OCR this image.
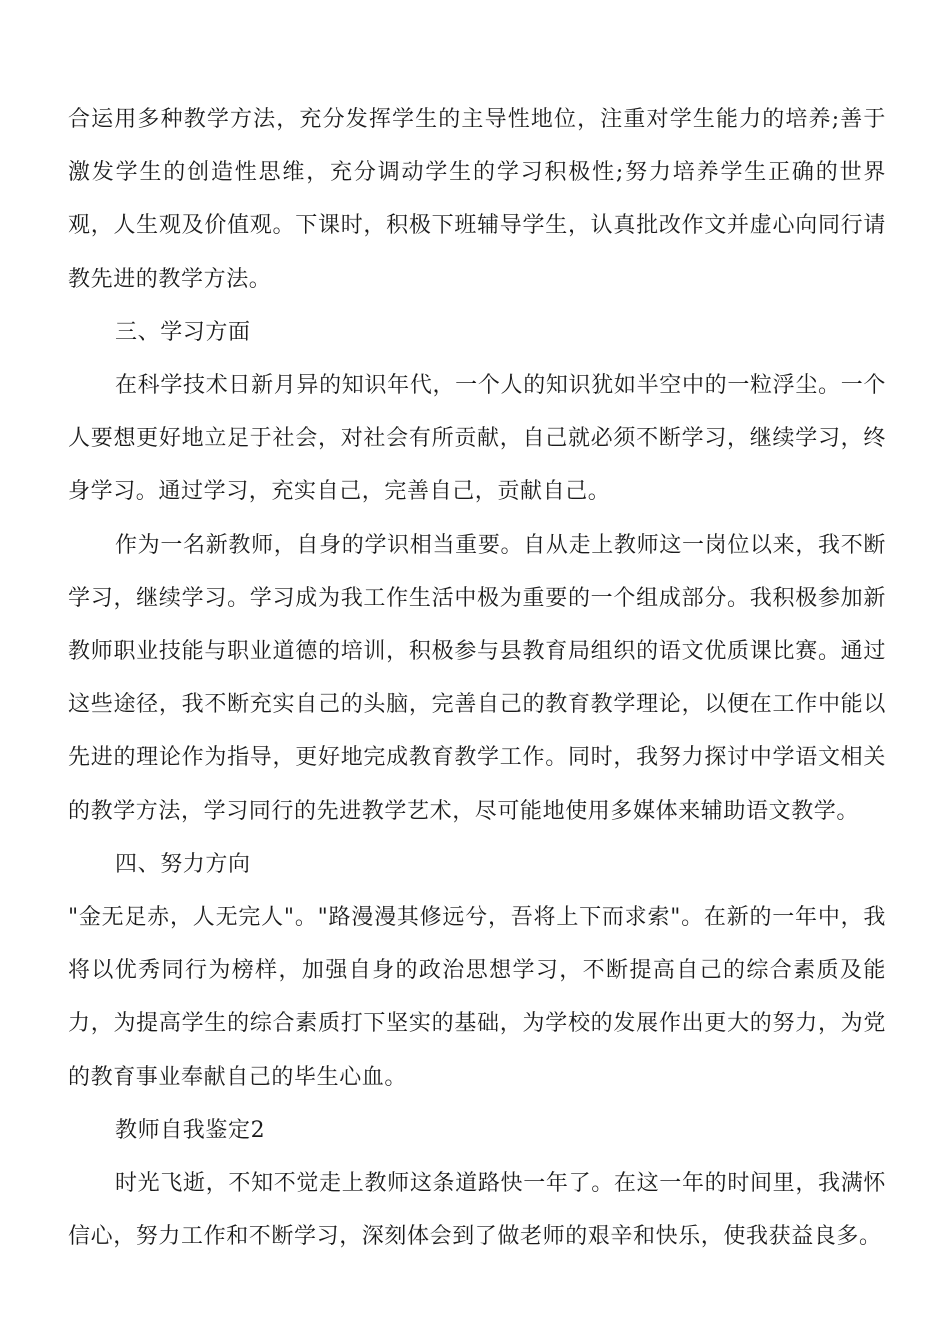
合运用多种教学方法，充分发挥学生的主导性地位，注重对学生能力的培养;善于激发学生的创造性思维，充分调动学生的学习积极性;努力培养学生正确的世界观，人生观及价值观。下课时，积极下班辅导学生，认真批改作文并虚心向同行请教先进的教学方法。

三、学习方面

在科学技术日新月异的知识年代，一个人的知识犹如半空中的一粒浮尘。一个人要想更好地立足于社会，对社会有所贡献，自己就必须不断学习，继续学习，终身学习。通过学习，充实自己，完善自己，贡献自己。

作为一名新教师，自身的学识相当重要。自从走上教师这一岗位以来，我不断学习，继续学习。学习成为我工作生活中极为重要的一个组成部分。我积极参加新教师职业技能与职业道德的培训，积极参与县教育局组织的语文优质课比赛。通过这些途径，我不断充实自己的头脑，完善自己的教育教学理论，以便在工作中能以先进的理论作为指导，更好地完成教育教学工作。同时，我努力探讨中学语文相关的教学方法，学习同行的先进教学艺术，尽可能地使用多媒体来辅助语文教学。

四、努力方向

"金无足赤，人无完人"。"路漫漫其修远兮，吾将上下而求索"。在新的一年中，我将以优秀同行为榜样，加强自身的政治思想学习，不断提高自己的综合素质及能力，为提高学生的综合素质打下坚实的基础，为学校的发展作出更大的努力，为党的教育事业奉献自己的毕生心血。

教师自我鉴定2

时光飞逝，不知不觉走上教师这条道路快一年了。在这一年的时间里，我满怀信心，努力工作和不断学习，深刻体会到了做老师的艰辛和快乐，使我获益良多。
